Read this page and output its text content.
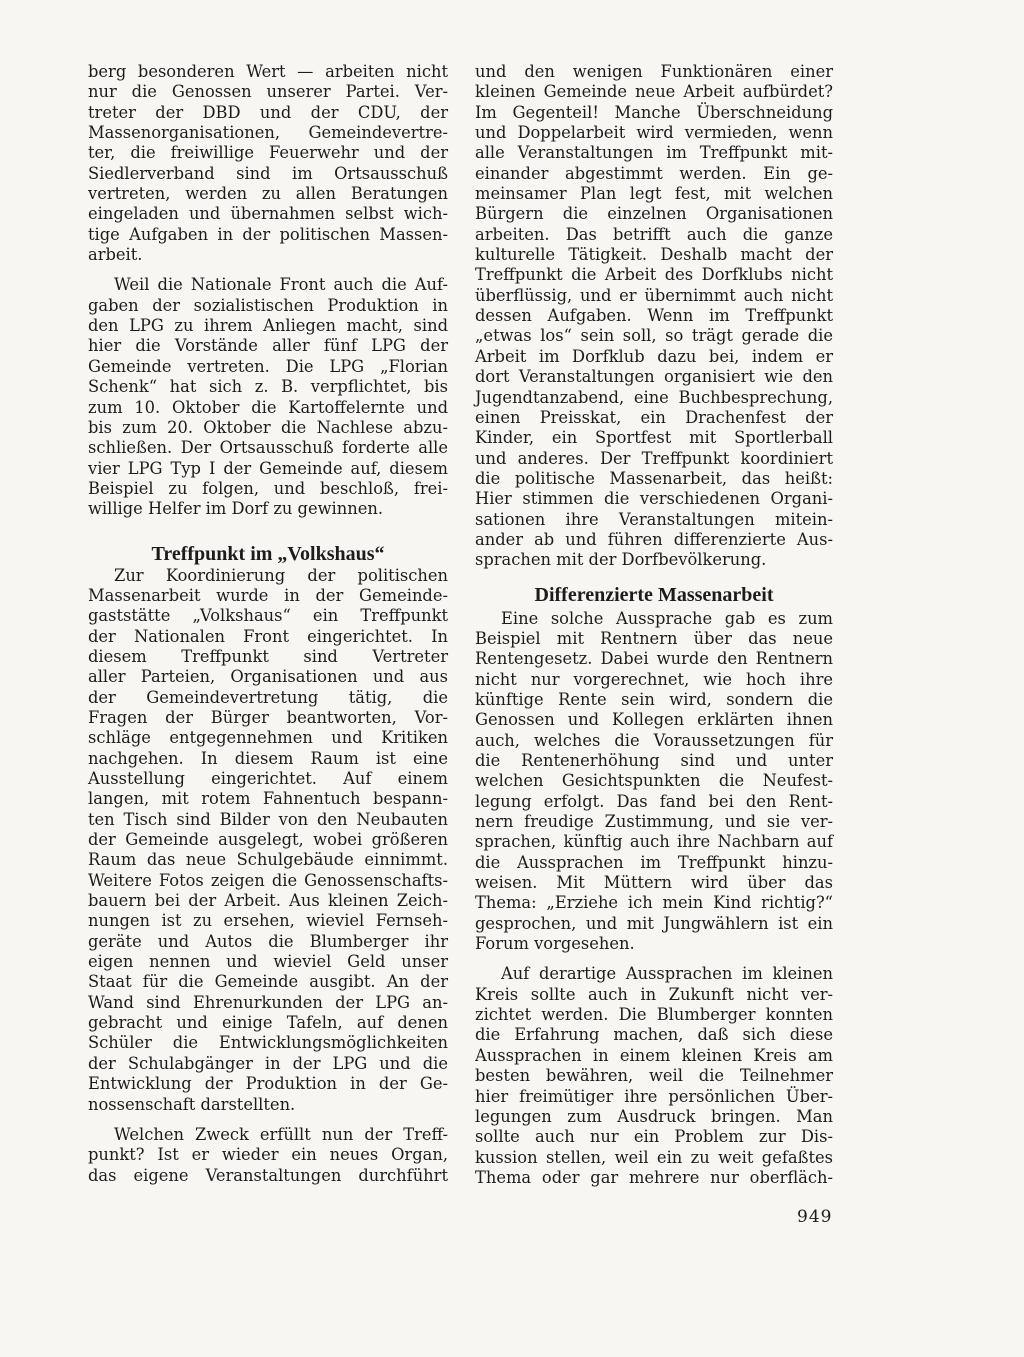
berg besonderen Wert — arbeiten nicht
nur die Genossen unserer Partei. Ver-
treter der DBD und der CDU, der
Massenorganisationen, Gemeindevertre-
ter, die freiwillige Feuerwehr und der
Siedlerverband sind im Ortsausschuß
vertreten, werden zu allen Beratungen
eingeladen und übernahmen selbst wich-
tige Aufgaben in der politischen Massen-
arbeit.

Weil die Nationale Front auch die Auf-
gaben der sozialistischen Produktion in
den LPG zu ihrem Anliegen macht, sind
hier die Vorstände aller fünf LPG der
Gemeinde vertreten. Die LPG „Florian
Schenk“ hat sich z. B. verpflichtet, bis
zum 10. Oktober die Kartoffelernte und
bis zum 20. Oktober die Nachlese abzu-
schließen. Der Ortsausschuß forderte alle
vier LPG Typ I der Gemeinde auf, diesem
Beispiel zu folgen, und beschloß, frei-
willige Helfer im Dorf zu gewinnen.

Treffpunkt im „Volkshaus“

Zur Koordinierung der politischen
Massenarbeit wurde in der Gemeinde-
gaststätte „Volkshaus“ ein Treffpunkt
der Nationalen Front eingerichtet. In
diesem Treffpunkt sind Vertreter
aller Parteien, Organisationen und aus
der Gemeindevertretung tätig, die
Fragen der Bürger beantworten, Vor-
schläge entgegennehmen und Kritiken
nachgehen. In diesem Raum ist eine
Ausstellung eingerichtet. Auf einem
langen, mit rotem Fahnentuch bespann-
ten Tisch sind Bilder von den Neubauten
der Gemeinde ausgelegt, wobei größeren
Raum das neue Schulgebäude einnimmt.
Weitere Fotos zeigen die Genossenschafts-
bauern bei der Arbeit. Aus kleinen Zeich-
nungen ist zu ersehen, wieviel Fernseh-
geräte und Autos die Blumberger ihr
eigen nennen und wieviel Geld unser
Staat für die Gemeinde ausgibt. An der
Wand sind Ehrenurkunden der LPG an-
gebracht und einige Tafeln, auf denen
Schüler die Entwicklungsmöglichkeiten
der Schulabgänger in der LPG und die
Entwicklung der Produktion in der Ge-
nossenschaft darstellten.

Welchen Zweck erfüllt nun der Treff-
punkt? Ist er wieder ein neues Organ,
das eigene Veranstaltungen durchführt

und den wenigen Funktionären einer
kleinen Gemeinde neue Arbeit aufbürdet?
Im Gegenteil! Manche Überschneidung
und Doppelarbeit wird vermieden, wenn
alle Veranstaltungen im Treffpunkt mit-
einander abgestimmt werden. Ein ge-
meinsamer Plan legt fest, mit welchen
Bürgern die einzelnen Organisationen
arbeiten. Das betrifft auch die ganze
kulturelle Tätigkeit. Deshalb macht der
Treffpunkt die Arbeit des Dorfklubs nicht
überflüssig, und er übernimmt auch nicht
dessen Aufgaben. Wenn im Treffpunkt
„etwas los“ sein soll, so trägt gerade die
Arbeit im Dorfklub dazu bei, indem er
dort Veranstaltungen organisiert wie den
Jugendtanzabend, eine Buchbesprechung,
einen Preisskat, ein Drachenfest der
Kinder, ein Sportfest mit Sportlerball
und anderes. Der Treffpunkt koordiniert
die politische Massenarbeit, das heißt:
Hier stimmen die verschiedenen Organi-
sationen ihre Veranstaltungen mitein-
ander ab und führen differenzierte Aus-
sprachen mit der Dorfbevölkerung.

Differenzierte Massenarbeit

Eine solche Aussprache gab es zum
Beispiel mit Rentnern über das neue
Rentengesetz. Dabei wurde den Rentnern
nicht nur vorgerechnet, wie hoch ihre
künftige Rente sein wird, sondern die
Genossen und Kollegen erklärten ihnen
auch, welches die Voraussetzungen für
die Rentenerhöhung sind und unter
welchen Gesichtspunkten die Neufest-
legung erfolgt. Das fand bei den Rent-
nern freudige Zustimmung, und sie ver-
sprachen, künftig auch ihre Nachbarn auf
die Aussprachen im Treffpunkt hinzu-
weisen. Mit Müttern wird über das
Thema: „Erziehe ich mein Kind richtig?“
gesprochen, und mit Jungwählern ist ein
Forum vorgesehen.

Auf derartige Aussprachen im kleinen
Kreis sollte auch in Zukunft nicht ver-
zichtet werden. Die Blumberger konnten
die Erfahrung machen, daß sich diese
Aussprachen in einem kleinen Kreis am
besten bewähren, weil die Teilnehmer
hier freimütiger ihre persönlichen Über-
legungen zum Ausdruck bringen. Man
sollte auch nur ein Problem zur Dis-
kussion stellen, weil ein zu weit gefaßtes
Thema oder gar mehrere nur oberfläch-

949
